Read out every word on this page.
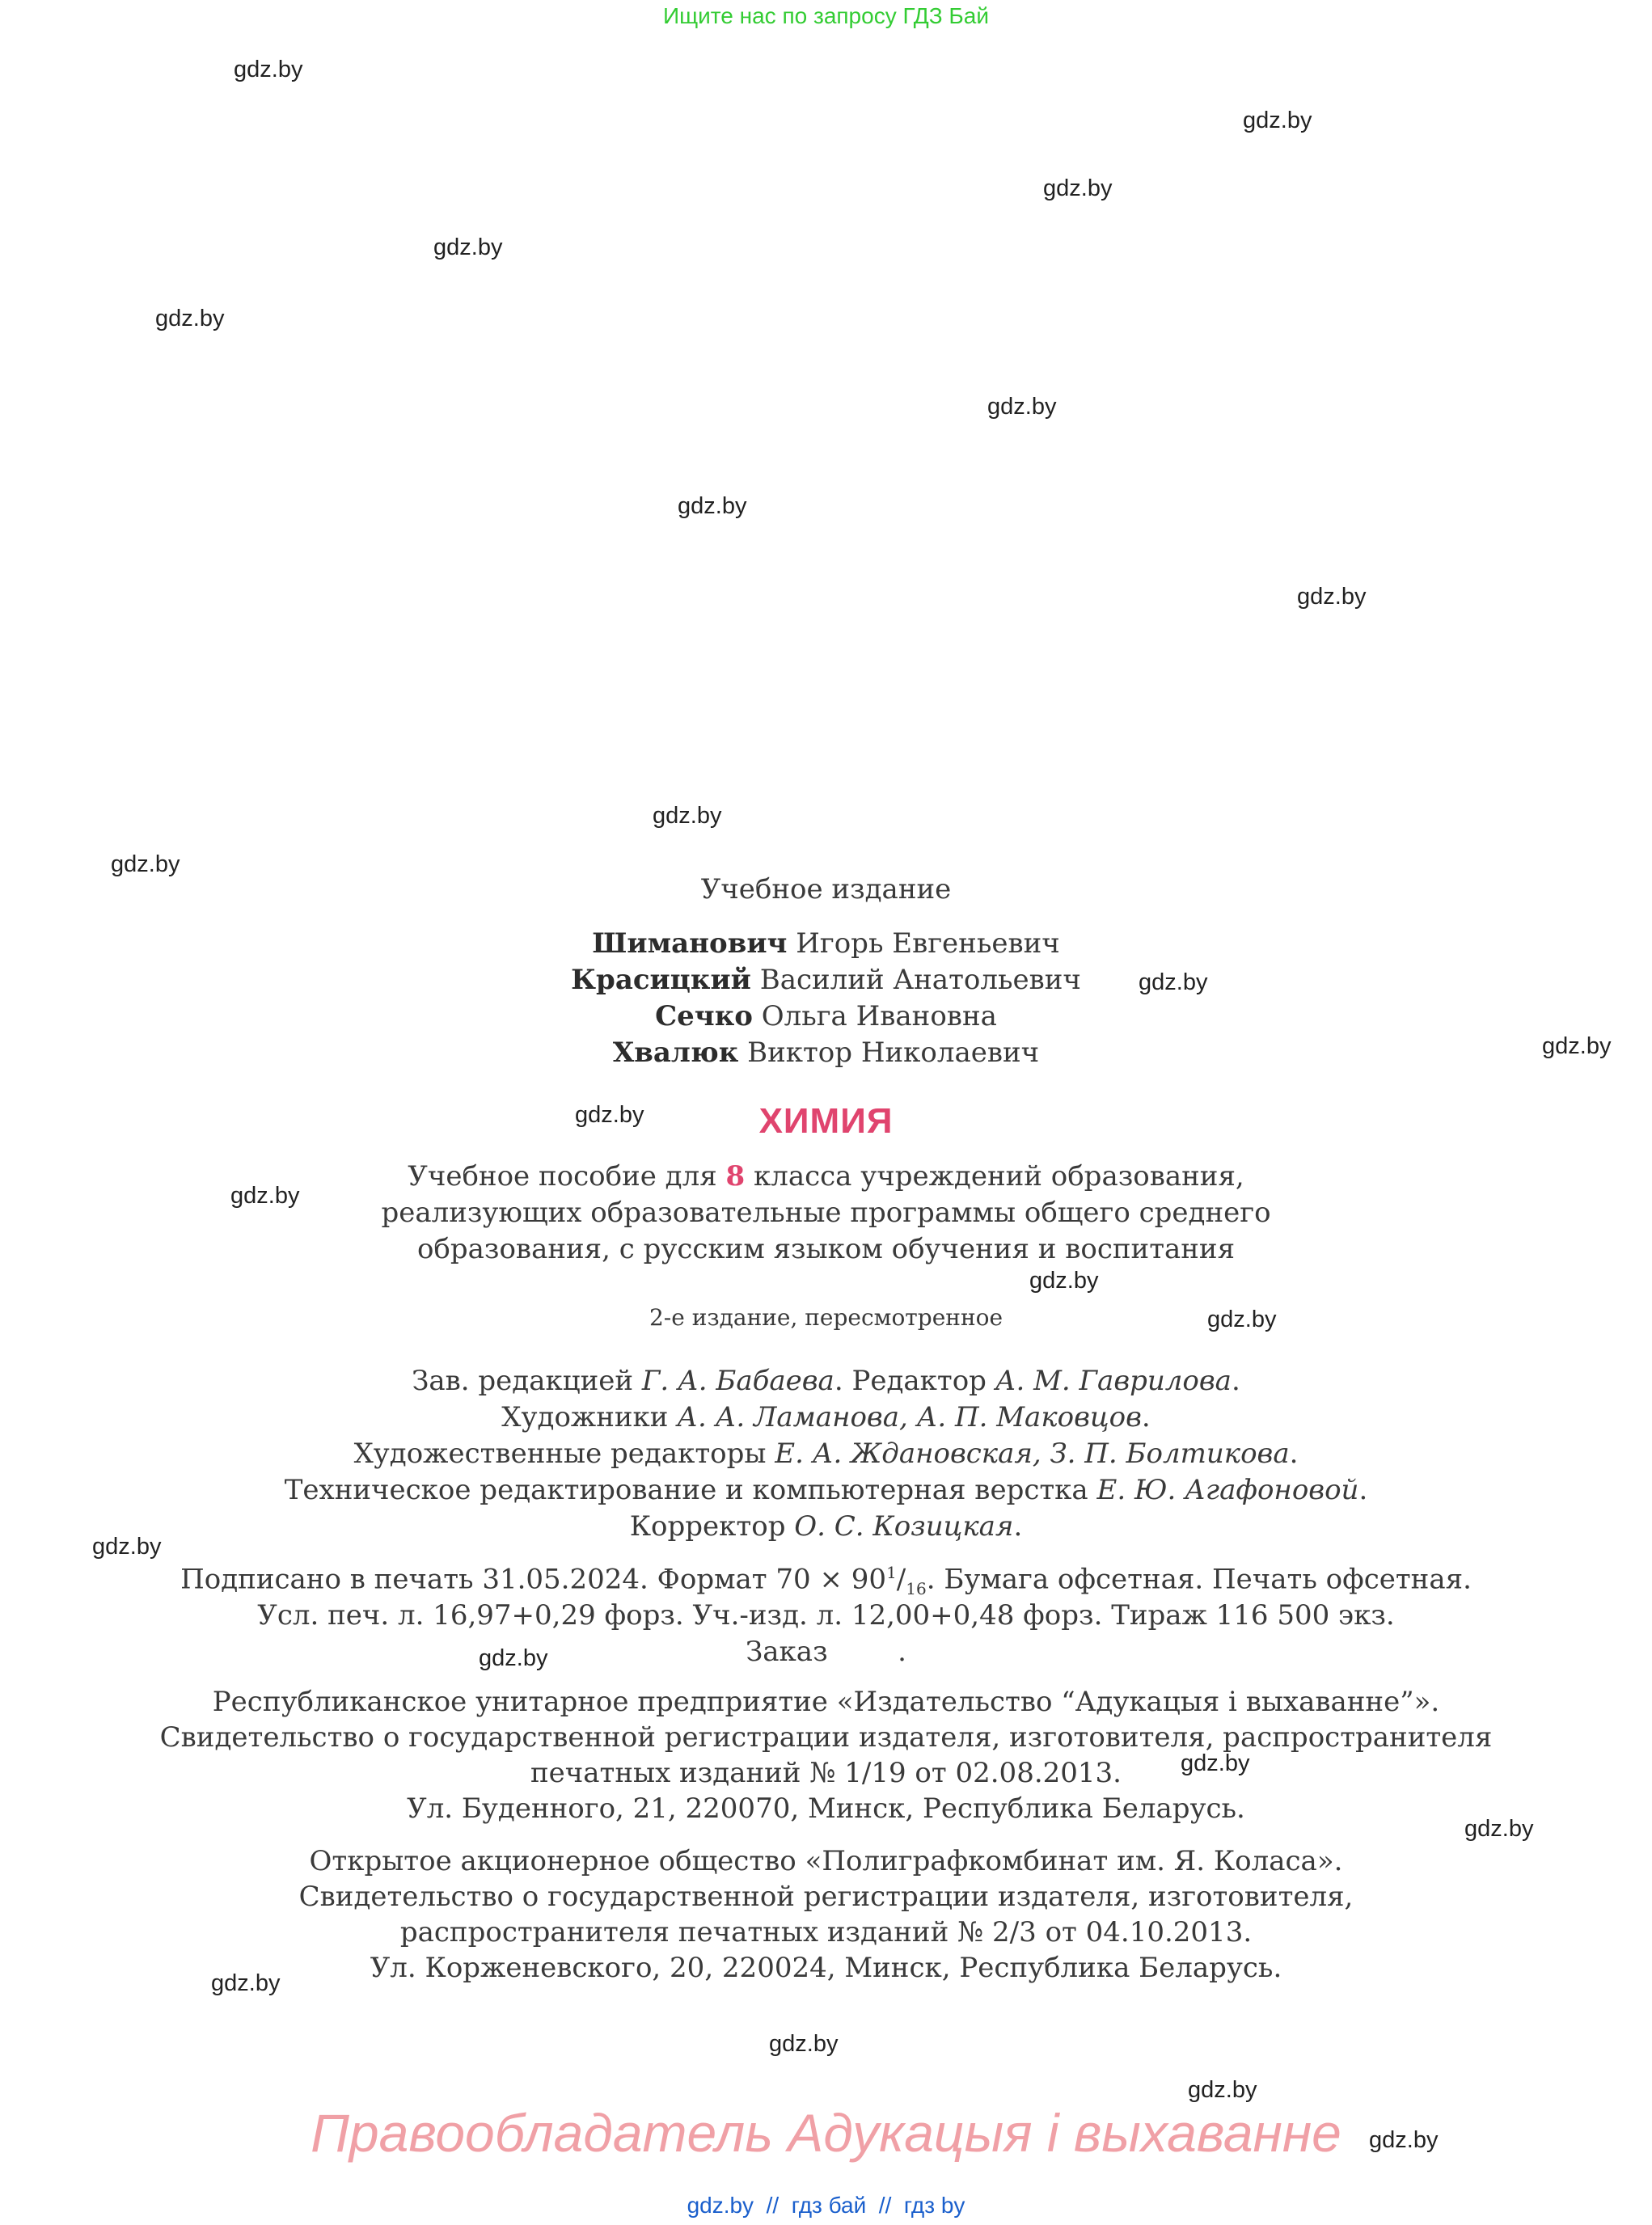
Ищите нас по запросу ГДЗ Бай
gdz.by
gdz.by
gdz.by
gdz.by
gdz.by
gdz.by
gdz.by
gdz.by
gdz.by
gdz.by
gdz.by
gdz.by
gdz.by
gdz.by
gdz.by
gdz.by
gdz.by
gdz.by
gdz.by
gdz.by
gdz.by
gdz.by
gdz.by
gdz.by
Учебное издание
Шиманович Игорь Евгеньевич
Красицкий Василий Анатольевич
Сечко Ольга Ивановна
Хвалюк Виктор Николаевич
ХИМИЯ
Учебное пособие для 8 класса учреждений образования,
реализующих образовательные программы общего среднего
образования, с русским языком обучения и воспитания
2-е издание, пересмотренное
Зав. редакцией Г. А. Бабаева. Редактор А. М. Гаврилова.
Художники А. А. Ламанова, А. П. Маковцов.
Художественные редакторы Е. А. Ждановская, З. П. Болтикова.
Техническое редактирование и компьютерная верстка Е. Ю. Агафоновой.
Корректор О. С. Козицкая.
Подписано в печать 31.05.2024. Формат $70 \times 90^1/_{16}$. Бумага офсетная. Печать офсетная.
Усл. печ. л. 16,97+0,29 форз. Уч.-изд. л. 12,00+0,48 форз. Тираж 116 500 экз.
Заказ        .
Республиканское унитарное предприятие «Издательство “Адукацыя і выхаванне”».
Свидетельство о государственной регистрации издателя, изготовителя, распространителя
печатных изданий № 1/19 от 02.08.2013.
Ул. Буденного, 21, 220070, Минск, Республика Беларусь.
Открытое акционерное общество «Полиграфкомбинат им. Я. Коласа».
Свидетельство о государственной регистрации издателя, изготовителя,
распространителя печатных изданий № 2/3 от 04.10.2013.
Ул. Корженевского, 20, 220024, Минск, Республика Беларусь.
Правообладатель Адукацыя і выхаванне
gdz.by  //  гдз бай  //  гдз by
